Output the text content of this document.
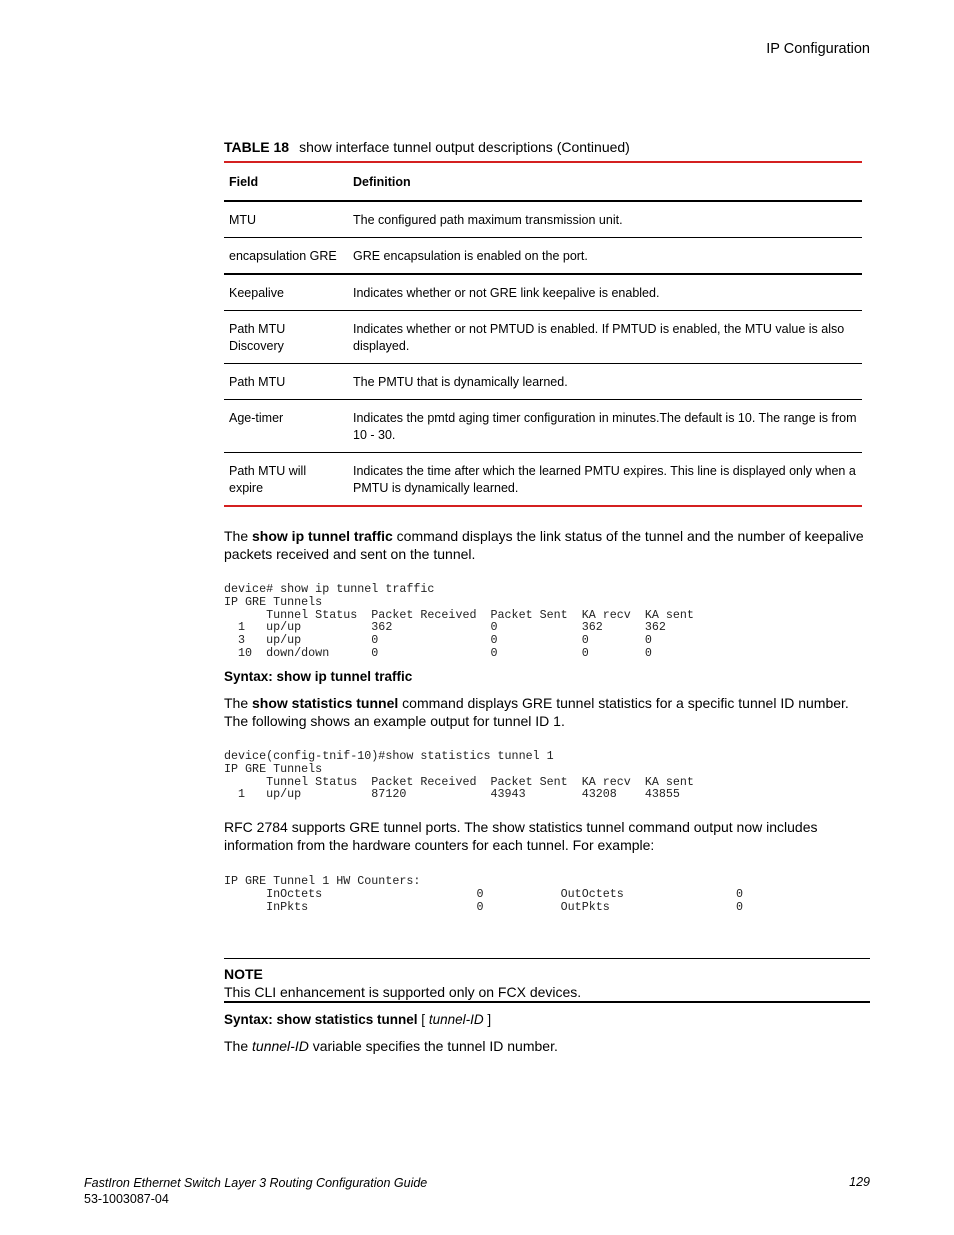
IP Configuration
TABLE 18 show interface tunnel output descriptions (Continued)
Field	Definition
MTU	The configured path maximum transmission unit.
encapsulation GRE	GRE encapsulation is enabled on the port.
Keepalive	Indicates whether or not GRE link keepalive is enabled.
Path MTU Discovery	Indicates whether or not PMTUD is enabled. If PMTUD is enabled, the MTU value is also displayed.
Path MTU	The PMTU that is dynamically learned.
Age-timer	Indicates the pmtd aging timer configuration in minutes.The default is 10. The range is from 10 - 30.
Path MTU will expire	Indicates the time after which the learned PMTU expires. This line is displayed only when a PMTU is dynamically learned.
The show ip tunnel traffic command displays the link status of the tunnel and the number of keepalive packets received and sent on the tunnel.
device# show ip tunnel traffic
IP GRE Tunnels
Tunnel Status  Packet Received  Packet Sent  KA recv  KA sent
1   up/up          362              0            362      362
3   up/up          0                0            0        0
10  down/down      0                0            0        0
Syntax: show ip tunnel traffic
The show statistics tunnel command displays GRE tunnel statistics for a specific tunnel ID number. The following shows an example output for tunnel ID 1.
device(config-tnif-10)#show statistics tunnel 1
IP GRE Tunnels
Tunnel Status  Packet Received  Packet Sent  KA recv  KA sent
1   up/up          87120            43943        43208    43855
RFC 2784 supports GRE tunnel ports. The show statistics tunnel command output now includes information from the hardware counters for each tunnel. For example:
IP GRE Tunnel 1 HW Counters:
InOctets                      0           OutOctets                0
InPkts                        0           OutPkts                  0
NOTE
This CLI enhancement is supported only on FCX devices.
Syntax: show statistics tunnel [ tunnel-ID ]
The tunnel-ID variable specifies the tunnel ID number.
FastIron Ethernet Switch Layer 3 Routing Configuration Guide
53-1003087-04
129
